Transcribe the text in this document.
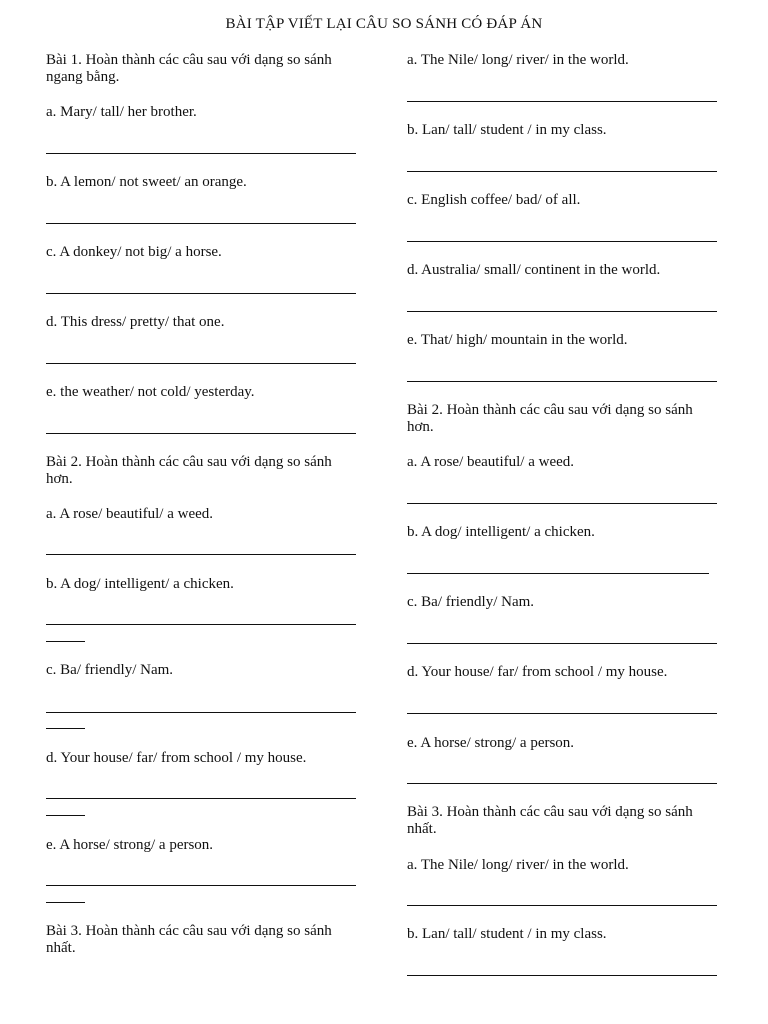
BÀI TẬP VIẾT LẠI CÂU SO SÁNH CÓ ĐÁP ÁN
Bài 1. Hoàn thành các câu sau với dạng so sánh ngang bằng.
a. Mary/ tall/ her brother.
b. A lemon/ not sweet/ an orange.
c. A donkey/ not big/ a horse.
d. This dress/ pretty/ that one.
e. the weather/ not cold/ yesterday.
Bài 2. Hoàn thành các câu sau với dạng so sánh hơn.
a. A rose/ beautiful/ a weed.
b. A dog/ intelligent/ a chicken.
c. Ba/ friendly/ Nam.
d. Your house/ far/ from school / my house.
e. A horse/ strong/ a person.
Bài 3. Hoàn thành các câu sau với dạng so sánh nhất.
a. The Nile/ long/ river/ in the world.
b. Lan/ tall/ student / in my class.
c. English coffee/ bad/ of all.
d. Australia/ small/ continent in the world.
e. That/ high/ mountain in the world.
Bài 2. Hoàn thành các câu sau với dạng so sánh hơn.
a. A rose/ beautiful/ a weed.
b. A dog/ intelligent/ a chicken.
c. Ba/ friendly/ Nam.
d. Your house/ far/ from school / my house.
e. A horse/ strong/ a person.
Bài 3. Hoàn thành các câu sau với dạng so sánh nhất.
a. The Nile/ long/ river/ in the world.
b. Lan/ tall/ student / in my class.
